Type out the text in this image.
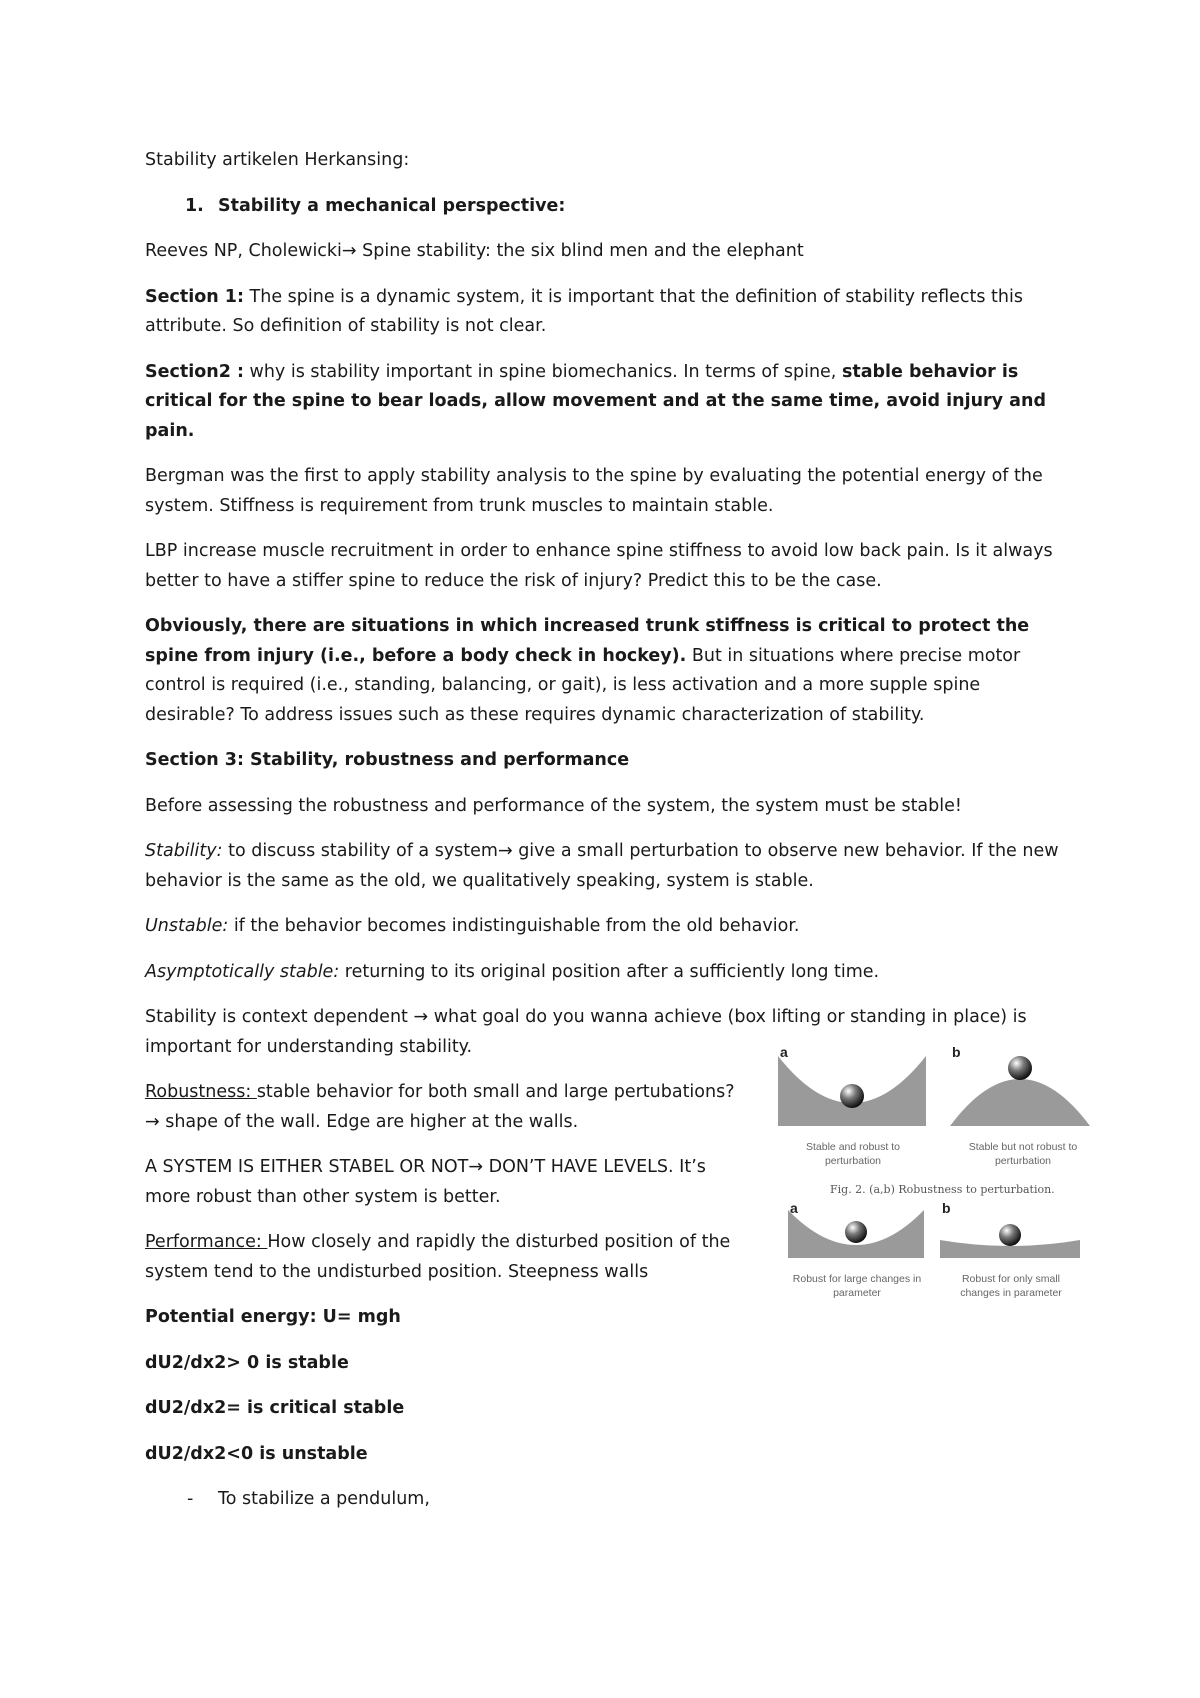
Stability artikelen Herkansing:

1. Stability a mechanical perspective:

Reeves NP, Cholewicki→ Spine stability: the six blind men and the elephant

Section 1: The spine is a dynamic system, it is important that the definition of stability reflects this attribute. So definition of stability is not clear.

Section2 : why is stability important in spine biomechanics. In terms of spine, stable behavior is critical for the spine to bear loads, allow movement and at the same time, avoid injury and pain.

Bergman was the first to apply stability analysis to the spine by evaluating the potential energy of the system. Stiffness is requirement from trunk muscles to maintain stable.

LBP increase muscle recruitment in order to enhance spine stiffness to avoid low back pain. Is it always better to have a stiffer spine to reduce the risk of injury? Predict this to be the case.

Obviously, there are situations in which increased trunk stiffness is critical to protect the spine from injury (i.e., before a body check in hockey). But in situations where precise motor control is required (i.e., standing, balancing, or gait), is less activation and a more supple spine desirable? To address issues such as these requires dynamic characterization of stability.

Section 3: Stability, robustness and performance

Before assessing the robustness and performance of the system, the system must be stable!

Stability: to discuss stability of a system→ give a small perturbation to observe new behavior. If the new behavior is the same as the old, we qualitatively speaking, system is stable.

Unstable: if the behavior becomes indistinguishable from the old behavior.

Asymptotically stable: returning to its original position after a sufficiently long time.

Stability is context dependent → what goal do you wanna achieve (box lifting or standing in place) is important for understanding stability.

Robustness: stable behavior for both small and large pertubations? → shape of the wall. Edge are higher at the walls.

A SYSTEM IS EITHER STABEL OR NOT→ DON’T HAVE LEVELS. It’s more robust than other system is better.

Performance: How closely and rapidly the disturbed position of the system tend to the undisturbed position. Steepness walls

Potential energy: U= mgh

dU2/dx2> 0 is stable

dU2/dx2= is critical stable

dU2/dx2<0 is unstable

-	To stabilize a pendulum,
a	b
Stable and robust to perturbation
Stable but not robust to perturbation
Fig. 2. (a,b) Robustness to perturbation.
a	b
Robust for large changes in parameter
Robust for only small changes in parameter
